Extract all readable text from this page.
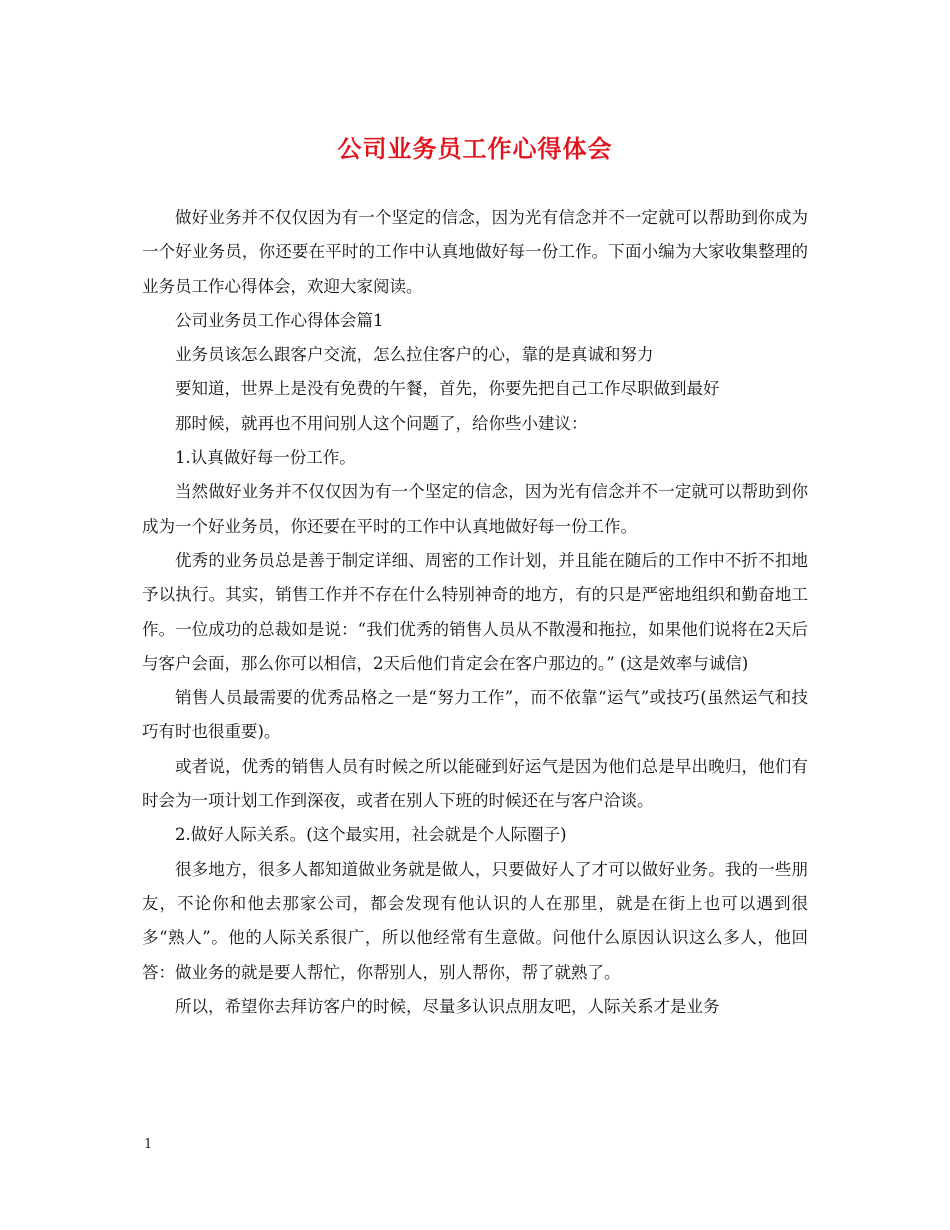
公司业务员工作心得体会

做好业务并不仅仅因为有一个坚定的信念，因为光有信念并不一定就可以帮助到你成为一个好业务员，你还要在平时的工作中认真地做好每一份工作。下面小编为大家收集整理的业务员工作心得体会，欢迎大家阅读。

公司业务员工作心得体会篇1

业务员该怎么跟客户交流，怎么拉住客户的心，靠的是真诚和努力

要知道，世界上是没有免费的午餐，首先，你要先把自己工作尽职做到最好

那时候，就再也不用问别人这个问题了，给你些小建议：

1.认真做好每一份工作。

当然做好业务并不仅仅因为有一个坚定的信念，因为光有信念并不一定就可以帮助到你成为一个好业务员，你还要在平时的工作中认真地做好每一份工作。

优秀的业务员总是善于制定详细、周密的工作计划，并且能在随后的工作中不折不扣地予以执行。其实，销售工作并不存在什么特别神奇的地方，有的只是严密地组织和勤奋地工作。一位成功的总裁如是说：“我们优秀的销售人员从不散漫和拖拉，如果他们说将在2天后与客户会面，那么你可以相信，2天后他们肯定会在客户那边的。” (这是效率与诚信)

销售人员最需要的优秀品格之一是“努力工作”，而不依靠“运气”或技巧(虽然运气和技巧有时也很重要)。

或者说，优秀的销售人员有时候之所以能碰到好运气是因为他们总是早出晚归，他们有时会为一项计划工作到深夜，或者在别人下班的时候还在与客户洽谈。

2.做好人际关系。(这个最实用，社会就是个人际圈子)

很多地方，很多人都知道做业务就是做人，只要做好人了才可以做好业务。我的一些朋友，不论你和他去那家公司，都会发现有他认识的人在那里，就是在街上也可以遇到很多“熟人”。他的人际关系很广，所以他经常有生意做。问他什么原因认识这么多人，他回答：做业务的就是要人帮忙，你帮别人，别人帮你，帮了就熟了。

所以，希望你去拜访客户的时候，尽量多认识点朋友吧，人际关系才是业务

1
